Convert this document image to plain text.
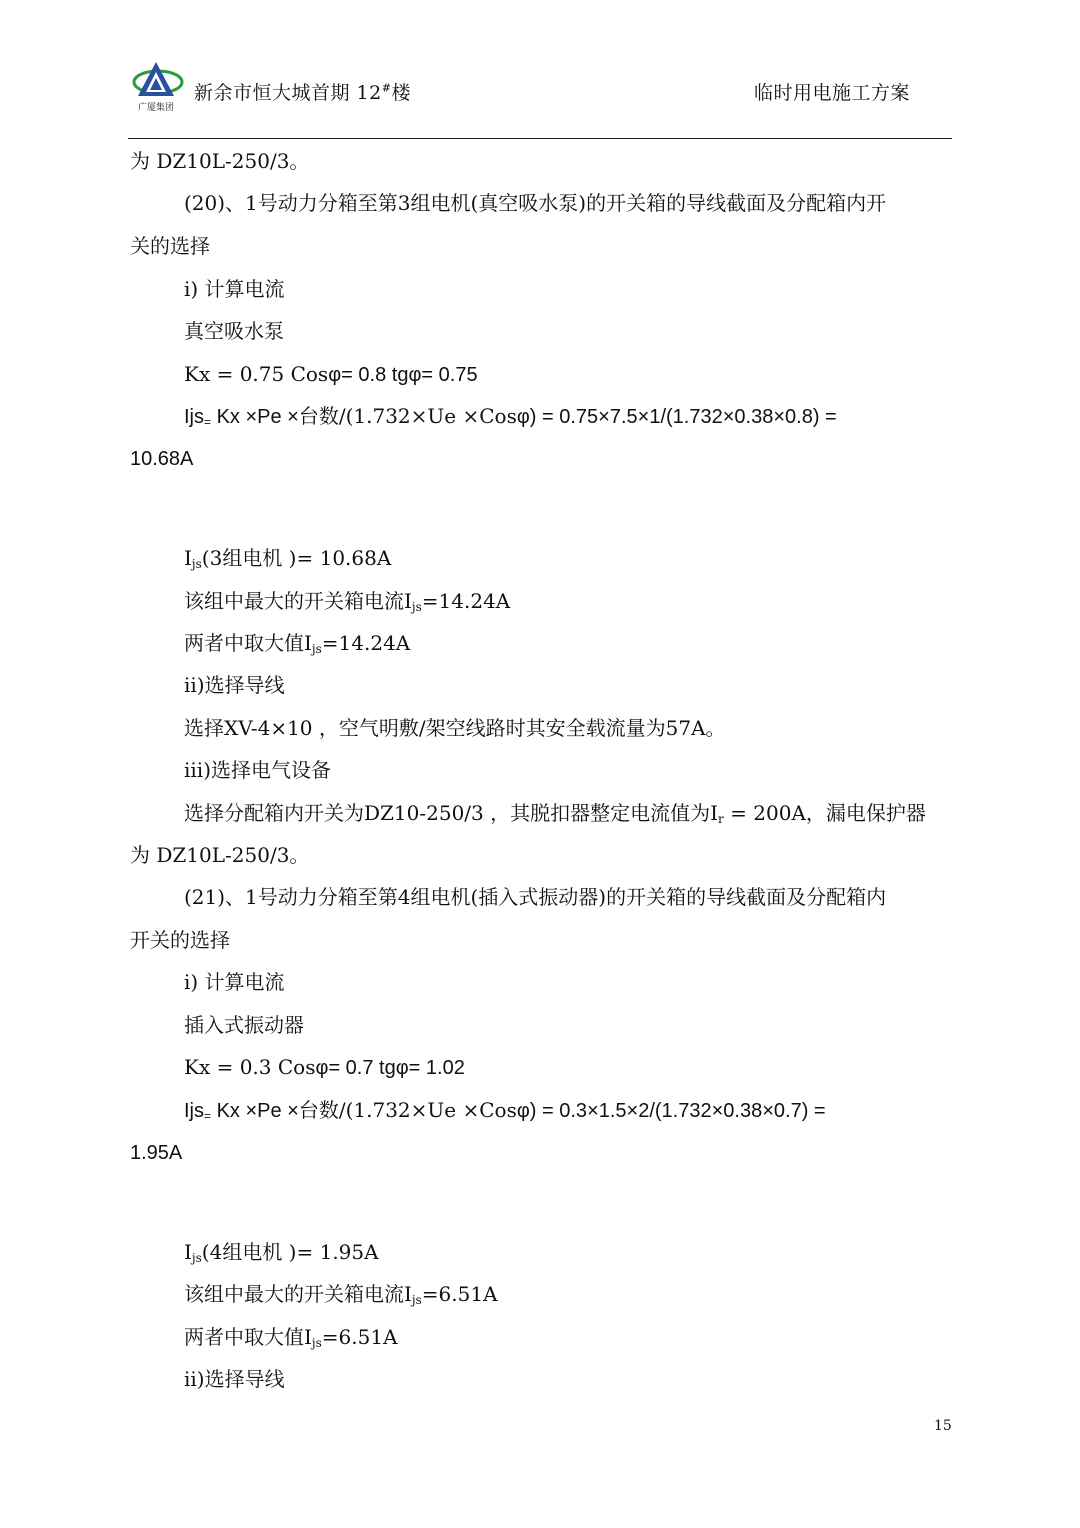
广厦集团
新余市恒大城首期 12#楼	临时用电施工方案
为 DZ10L-250/3。
(20)、1号动力分箱至第3组电机(真空吸水泵)的开关箱的导线截面及分配箱内开
关的选择
i) 计算电流
真空吸水泵
Kx = 0.75 Cosφ= 0.8 tgφ= 0.75
Ijs$_=$ Kx ×Pe ×台数/(1.732×Ue ×Cosφ) = 0.75×7.5×1/(1.732×0.38×0.8) =
10.68A
$I_{js}(3$组电机 )= 10.68A
该组中最大的开关箱电流$I_{js}=14.24A$
两者中取大值$I_{js}=14.24A$
ii)选择导线
选择XV-4×10 ，空气明敷/架空线路时其安全载流量为57A。
iii)选择电气设备
选择分配箱内开关为DZ10-250/3 ，其脱扣器整定电流值为$I_r = 200A$，漏电保护器
为 DZ10L-250/3。
(21)、1号动力分箱至第4组电机(插入式振动器)的开关箱的导线截面及分配箱内
开关的选择
i) 计算电流
插入式振动器
Kx = 0.3 Cosφ= 0.7 tgφ= 1.02
Ijs$_=$ Kx ×Pe ×台数/(1.732×Ue ×Cosφ) = 0.3×1.5×2/(1.732×0.38×0.7) =
1.95A
$I_{js}(4$组电机 )= 1.95A
该组中最大的开关箱电流$I_{js}=6.51A$
两者中取大值$I_{js}=6.51A$
ii)选择导线
15
